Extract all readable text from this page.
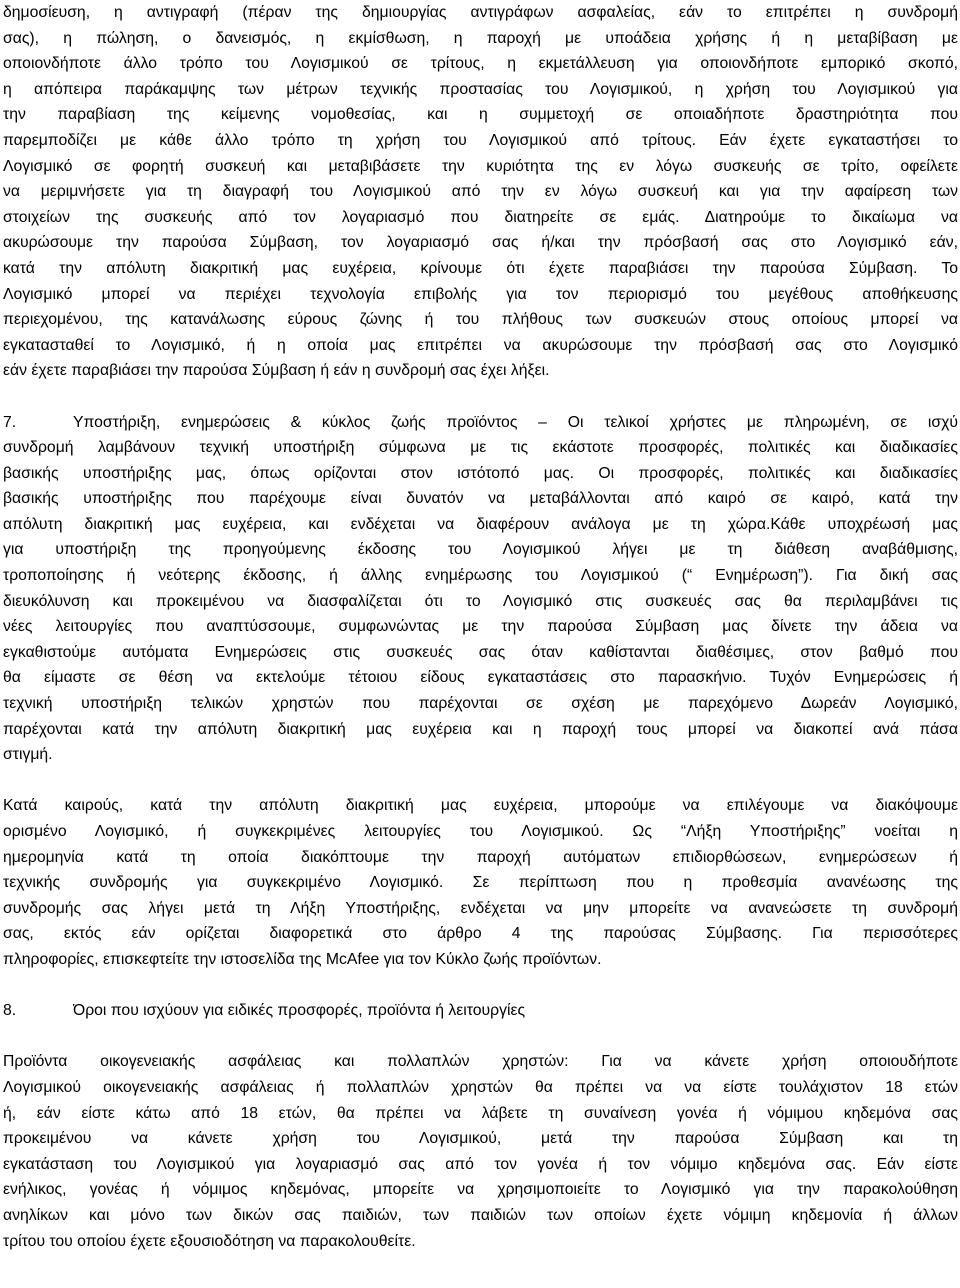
δημοσίευση, η αντιγραφή (πέραν της δημιουργίας αντιγράφων ασφαλείας, εάν το επιτρέπει η συνδρομή
σας), η πώληση, ο δανεισμός, η εκμίσθωση, η παροχή με υποάδεια χρήσης ή η μεταβίβαση με
οποιονδήποτε άλλο τρόπο του Λογισμικού σε τρίτους, η εκμετάλλευση για οποιονδήποτε εμπορικό σκοπό,
η απόπειρα παράκαμψης των μέτρων τεχνικής προστασίας του Λογισμικού, η χρήση του Λογισμικού για
την παραβίαση της κείμενης νομοθεσίας, και η συμμετοχή σε οποιαδήποτε δραστηριότητα που
παρεμποδίζει με κάθε άλλο τρόπο τη χρήση του Λογισμικού από τρίτους. Εάν έχετε εγκαταστήσει το
Λογισμικό σε φορητή συσκευή και μεταβιβάσετε την κυριότητα της εν λόγω συσκευής σε τρίτο, οφείλετε
να μεριμνήσετε για τη διαγραφή του Λογισμικού από την εν λόγω συσκευή και για την αφαίρεση των
στοιχείων της συσκευής από τον λογαριασμό που διατηρείτε σε εμάς. Διατηρούμε το δικαίωμα να
ακυρώσουμε την παρούσα Σύμβαση, τον λογαριασμό σας ή/και την πρόσβασή σας στο Λογισμικό εάν,
κατά την απόλυτη διακριτική μας ευχέρεια, κρίνουμε ότι έχετε παραβιάσει την παρούσα Σύμβαση. Το
Λογισμικό μπορεί να περιέχει τεχνολογία επιβολής για τον περιορισμό του μεγέθους αποθήκευσης
περιεχομένου, της κατανάλωσης εύρους ζώνης ή του πλήθους των συσκευών στους οποίους μπορεί να
εγκατασταθεί το Λογισμικό, ή η οποία μας επιτρέπει να ακυρώσουμε την πρόσβασή σας στο Λογισμικό
εάν έχετε παραβιάσει την παρούσα Σύμβαση ή εάν η συνδρομή σας έχει λήξει.
7.	Υποστήριξη, ενημερώσεις & κύκλος ζωής προϊόντος – Οι τελικοί χρήστες με πληρωμένη, σε ισχύ
συνδρομή λαμβάνουν τεχνική υποστήριξη σύμφωνα με τις εκάστοτε προσφορές, πολιτικές και διαδικασίες
βασικής υποστήριξης μας, όπως ορίζονται στον ιστότοπό μας. Οι προσφορές, πολιτικές και διαδικασίες
βασικής υποστήριξης που παρέχουμε είναι δυνατόν να μεταβάλλονται από καιρό σε καιρό, κατά την
απόλυτη διακριτική μας ευχέρεια, και ενδέχεται να διαφέρουν ανάλογα με τη χώρα.Κάθε υποχρέωσή μας
για υποστήριξη της προηγούμενης έκδοσης του Λογισμικού λήγει με τη διάθεση αναβάθμισης,
τροποποίησης ή νεότερης έκδοσης, ή άλλης ενημέρωσης του Λογισμικού (“ Ενημέρωση”). Για δική σας
διευκόλυνση και προκειμένου να διασφαλίζεται ότι το Λογισμικό στις συσκευές σας θα περιλαμβάνει τις
νέες λειτουργίες που αναπτύσσουμε, συμφωνώντας με την παρούσα Σύμβαση μας δίνετε την άδεια να
εγκαθιστούμε αυτόματα Ενημερώσεις στις συσκευές σας όταν καθίστανται διαθέσιμες, στον βαθμό που
θα είμαστε σε θέση να εκτελούμε τέτοιου είδους εγκαταστάσεις στο παρασκήνιο. Τυχόν Ενημερώσεις ή
τεχνική υποστήριξη τελικών χρηστών που παρέχονται σε σχέση με παρεχόμενο Δωρεάν Λογισμικό,
παρέχονται κατά την απόλυτη διακριτική μας ευχέρεια και η παροχή τους μπορεί να διακοπεί ανά πάσα
στιγμή.
Κατά καιρούς, κατά την απόλυτη διακριτική μας ευχέρεια, μπορούμε να επιλέγουμε να διακόψουμε
ορισμένο Λογισμικό, ή συγκεκριμένες λειτουργίες του Λογισμικού. Ως “Λήξη Υποστήριξης” νοείται η
ημερομηνία κατά τη οποία διακόπτουμε την παροχή αυτόματων επιδιορθώσεων, ενημερώσεων ή
τεχνικής συνδρομής για συγκεκριμένο Λογισμικό. Σε περίπτωση που η προθεσμία ανανέωσης της
συνδρομής σας λήγει μετά τη Λήξη Υποστήριξης, ενδέχεται να μην μπορείτε να ανανεώσετε τη συνδρομή
σας, εκτός εάν ορίζεται διαφορετικά στο άρθρο 4 της παρούσας Σύμβασης. Για περισσότερες
πληροφορίες, επισκεφτείτε την ιστοσελίδα της McAfee για τον Κύκλο ζωής προϊόντων.
8.	Όροι που ισχύουν για ειδικές προσφορές, προϊόντα ή λειτουργίες
Προϊόντα οικογενειακής ασφάλειας και πολλαπλών χρηστών: Για να κάνετε χρήση οποιουδήποτε
Λογισμικού οικογενειακής ασφάλειας ή πολλαπλών χρηστών θα πρέπει να να είστε τουλάχιστον 18 ετών
ή, εάν είστε κάτω από 18 ετών, θα πρέπει να λάβετε τη συναίνεση γονέα ή νόμιμου κηδεμόνα σας
προκειμένου να κάνετε χρήση του Λογισμικού, μετά την παρούσα Σύμβαση και τη
εγκατάσταση του Λογισμικού για λογαριασμό σας από τον γονέα ή τον νόμιμο κηδεμόνα σας. Εάν είστε
ενήλικος, γονέας ή νόμιμος κηδεμόνας, μπορείτε να χρησιμοποιείτε το Λογισμικό για την παρακολούθηση
ανηλίκων και μόνο των δικών σας παιδιών, των παιδιών των οποίων έχετε νόμιμη κηδεμονία ή άλλων
τρίτου του οποίου έχετε εξουσιοδότηση να παρακολουθείτε.
